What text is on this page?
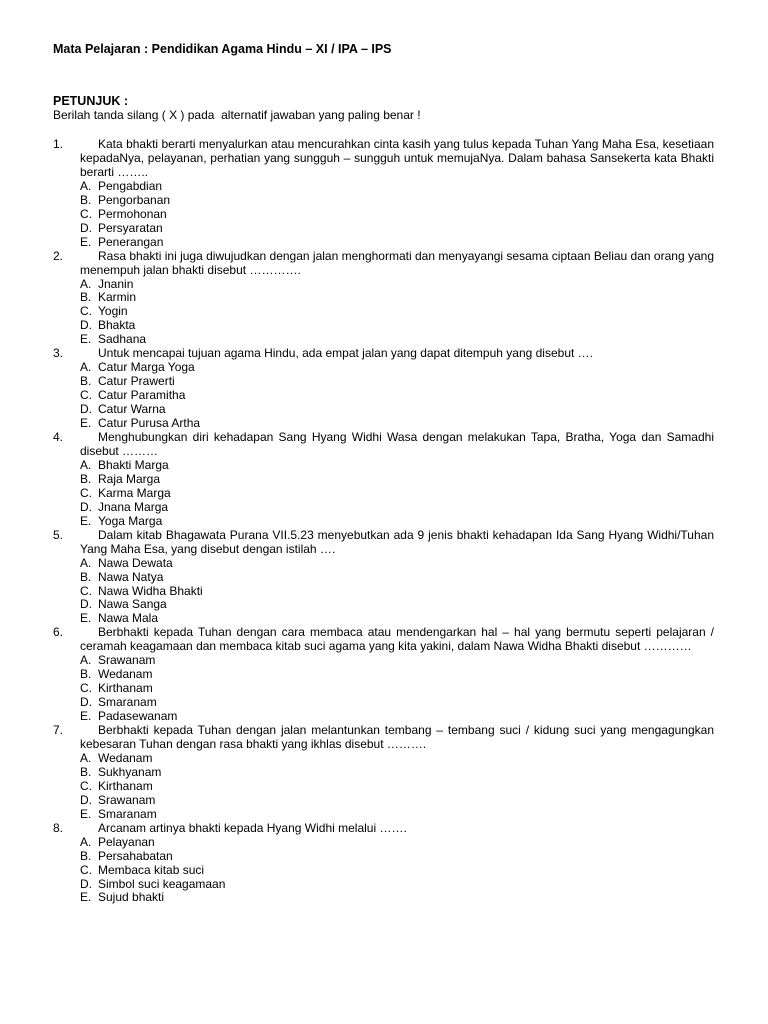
Mata Pelajaran : Pendidikan Agama Hindu – XI / IPA – IPS
PETUNJUK :
Berilah tanda silang ( X ) pada  alternatif jawaban yang paling benar !
1.	Kata bhakti berarti menyalurkan atau mencurahkan cinta kasih yang tulus kepada Tuhan Yang Maha Esa, kesetiaan kepadaNya, pelayanan, perhatian yang sungguh – sungguh untuk memujaNya. Dalam bahasa Sansekerta kata Bhakti berarti ……..
A. Pengabdian
B. Pengorbanan
C. Permohonan
D. Persyaratan
E. Penerangan
2.	Rasa bhakti ini juga diwujudkan dengan jalan menghormati dan menyayangi sesama ciptaan Beliau dan orang yang menempuh jalan bhakti disebut ………….
A. Jnanin
B. Karmin
C. Yogin
D. Bhakta
E. Sadhana
3.	Untuk mencapai tujuan agama Hindu, ada empat jalan yang dapat ditempuh yang disebut ….
A. Catur Marga Yoga
B. Catur Prawerti
C. Catur Paramitha
D. Catur Warna
E. Catur Purusa Artha
4.	Menghubungkan diri kehadapan Sang Hyang Widhi Wasa dengan melakukan Tapa, Bratha, Yoga dan Samadhi disebut ………
A. Bhakti Marga
B. Raja Marga
C. Karma Marga
D. Jnana Marga
E. Yoga Marga
5.	Dalam kitab Bhagawata Purana VII.5.23 menyebutkan ada 9 jenis bhakti kehadapan Ida Sang Hyang Widhi/Tuhan Yang Maha Esa, yang disebut dengan istilah ….
A. Nawa Dewata
B. Nawa Natya
C. Nawa Widha Bhakti
D. Nawa Sanga
E. Nawa Mala
6.	Berbhakti kepada Tuhan dengan cara membaca atau mendengarkan hal – hal yang bermutu seperti pelajaran / ceramah keagamaan dan membaca kitab suci agama yang kita yakini, dalam Nawa Widha Bhakti disebut …………
A. Srawanam
B. Wedanam
C. Kirthanam
D. Smaranam
E. Padasewanam
7.	Berbhakti kepada Tuhan dengan jalan melantunkan tembang – tembang suci / kidung suci yang mengagungkan kebesaran Tuhan dengan rasa bhakti yang ikhlas disebut ……….
A. Wedanam
B. Sukhyanam
C. Kirthanam
D. Srawanam
E. Smaranam
8.	Arcanam artinya bhakti kepada Hyang Widhi melalui …….
A. Pelayanan
B. Persahabatan
C. Membaca kitab suci
D. Simbol suci keagamaan
E. Sujud bhakti
